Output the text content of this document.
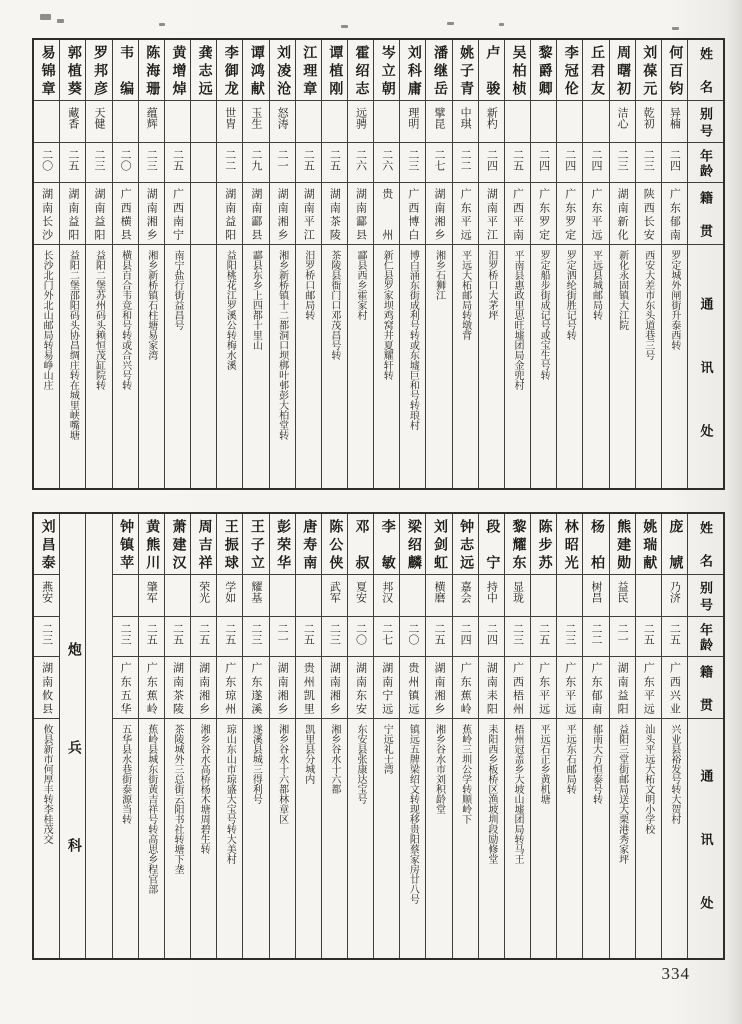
姓名
别号
年龄
籍贯
通讯处
何百钧
异楠
二四
广东郁南
罗定城外闸街升泰西转
刘葆元
乾初
二三
陕西长安
西安大差市东头道巷三号
周曙初
洁心
二三
湖南新化
新化永固镇大江院
丘君友
二四
广东平远
平远县城邮局转
李冠伦
二四
广东罗定
罗定泗纶街胜记号转
黎爵卿
二四
广东罗定
罗定船步街成记号或宝生号转
吴柏桢
二五
广西平南
平南县惠政里思旺墟团局金兜村
卢骏
新杓
二四
湖南平江
汨罗桥口大茅坪
姚子青
中琪
二二
广东平远
平远大柘邮局转墩背
潘继岳
擘昆
二七
湖南湘乡
湘乡石狮江
刘科庸
理明
二三
广西博白
博白涌东街成利号转或东墟巨和号转琅村
岑立朝
二六
贵州
新仁县罗家坝鸡窝井夏耀轩转
霍绍志
远骋
二六
湖南酃县
酃县西乡霍家村
谭植刚
二五
湖南茶陵
茶陵县衙门口邓茂昌号转
江理章
二五
湖南平江
汨罗桥口邮局转
刘凌沧
怒涛
二一
湖南湘乡
湘乡新桥镇十二都洞口坝梆叶邨彭大柏堂转
谭鸿献
玉生
二九
湖南酃县
酃县东乡上四都十里山
李御龙
世胄
二二
湖南益阳
益阳桃花江罗溪公转梅水溪
龚志远
黄增焯
二五
广西南宁
南宁盐行街益昌号
陈海珊
蕴辉
二三
湖南湘乡
湘乡新桥镇石柱塘易家湾
韦编
二〇
广西横县
横县百合韦竞和号转或合兴号转
罗邦彦
天健
二三
湖南益阳
益阳二堡苏州码头赖恒茂缸院转
郭植葵
藏香
二五
湖南益阳
益阳二堡邵阳码头协昌绸庄转在城里峡嘴塘
易锦章
二〇
湖南长沙
长沙北门外北山邮局转易峥山庄
姓名
别号
年龄
籍贯
通讯处
庞虓
乃济
二五
广西兴业
兴业县裕发号转大贺村
姚瑞献
二五
广东平远
汕头平远大柘文明小学校
熊建勋
益民
二一
湖南益阳
益阳三堂街邮局送大栗港秀家坪
杨柏
树昌
二二
广东郁南
郁南大方恒泰号转
林昭光
二三
广东平远
平远东石邮局转
陈步苏
二五
广东平远
平远石正乡黄机塘
黎耀东
显珑
二三
广西梧州
梧州冠盖乡大坡山墟团局转马王
段宁
持中
二四
湖南耒阳
耒阳西乡板桥区渔坡圳段励修堂
钟志远
嘉会
二四
广东蕉岭
蕉岭三圳公学转顺岭下
刘剑虹
横磨
二五
湖南湘乡
湘乡谷水市刘积龄堂
梁绍麟
二〇
贵州镇远
镇远五牌梁绍文转现移贵阳蔡家房廿八号
李敏
邦汉
二七
湖南宁远
宁远礼士湾
邓叔
夏安
二〇
湖南东安
东安县张康达宝号
陈公侠
武军
二三
湖南湘乡
湘乡谷水十六都
唐寿南
二五
贵州凯里
凯里县分城内
彭荣华
二一
湖南湘乡
湘乡谷水十六都林章区
王子立
耀基
二三
广东遂溪
遂溪县城三得利号
王振球
学如
二五
广东琼州
琼山东山市琼盛大宝号转大美村
周吉祥
荣光
二五
湖南湘乡
湘乡谷水高桥杨木塘周碧生转
萧建汉
二五
湖南茶陵
茶陵城外三总街云阳书社转塘下垄
黄熊川
肇军
二五
广东蕉岭
蕉岭县城东街黄吉祥号转高思乡程官部
钟镇苹
二三
广东五华
五华县水巷街泰源当转
炮兵科
刘昌泰
燕安
二三
湖南攸县
攸县新市何厚丰转李桂茂交
334
